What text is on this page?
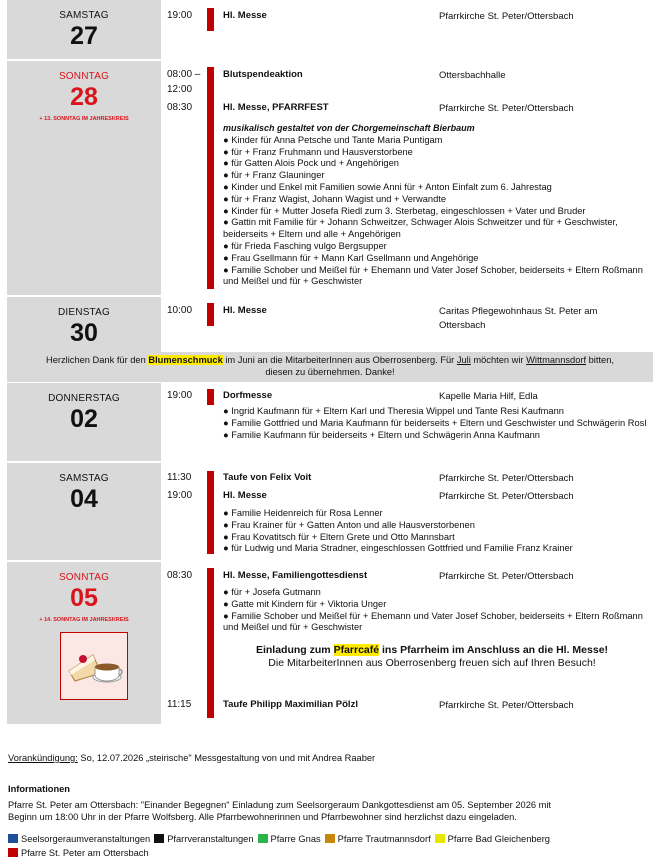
SAMSTAG
27
19:00	Hl. Messe	Pfarrkirche St. Peter/Ottersbach
SONNTAG
28
+ 13. SONNTAG IM JAHRESKREIS
08:00 –	Blutspendeaktion	Ottersbachhalle
12:00
08:30	Hl. Messe, PFARRFEST	Pfarrkirche St. Peter/Ottersbach
musikalisch gestaltet von der Chorgemeinschaft Bierbaum
● Kinder für Anna Petsche und Tante Maria Puntigam
● für + Franz Fruhmann und Hausverstorbene
● für Gatten Alois Pock und + Angehörigen
● für + Franz Glauninger
● Kinder und Enkel mit Familien sowie Anni für + Anton Einfalt zum 6. Jahrestag
● für + Franz Wagist, Johann Wagist und + Verwandte
● Kinder für + Mutter Josefa Riedl zum 3. Sterbetag, eingeschlossen + Vater und Bruder
● Gattin mit Familie für + Johann Schweitzer, Schwager Alois Schweitzer und für + Geschwister, beiderseits + Eltern und alle + Angehörigen
● für Frieda Fasching vulgo Bergsupper
● Frau Gsellmann für + Mann Karl Gsellmann und Angehörige
● Familie Schober und Meißel für + Ehemann und Vater Josef Schober, beiderseits + Eltern Roßmann und Meißel und für + Geschwister
DIENSTAG
30
10:00	Hl. Messe	Caritas Pflegewohnhaus St. Peter am Ottersbach
Herzlichen Dank für den Blumenschmuck im Juni an die MitarbeiterInnen aus Oberrosenberg. Für Juli möchten wir Wittmannsdorf bitten,
diesen zu übernehmen. Danke!
DONNERSTAG
02
19:00	Dorfmesse	Kapelle Maria Hilf, Edla
● Ingrid Kaufmann für + Eltern Karl und Theresia Wippel und Tante Resi Kaufmann
● Familie Gottfried und Maria Kaufmann für beiderseits + Eltern und Geschwister und Schwägerin Rosl
● Familie Kaufmann für beiderseits + Eltern und Schwägerin Anna Kaufmann
SAMSTAG
04
11:30	Taufe von Felix Voit	Pfarrkirche St. Peter/Ottersbach
19:00	Hl. Messe	Pfarrkirche St. Peter/Ottersbach
● Familie Heidenreich für Rosa Lenner
● Frau Krainer für + Gatten Anton und alle Hausverstorbenen
● Frau Kovatitsch für + Eltern Grete und Otto Mannsbart
● für Ludwig und Maria Stradner, eingeschlossen Gottfried und Familie Franz Krainer
SONNTAG
05
+ 14. SONNTAG IM JAHRESKREIS
08:30	Hl. Messe, Familiengottesdienst	Pfarrkirche St. Peter/Ottersbach
● für + Josefa Gutmann
● Gatte mit Kindern für + Viktoria Unger
● Familie Schober und Meißel für + Ehemann und Vater Josef Schober, beiderseits + Eltern Roßmann und Meißel und für + Geschwister
Einladung zum Pfarrcafé ins Pfarrheim im Anschluss an die Hl. Messe!
Die MitarbeiterInnen aus Oberrosenberg freuen sich auf Ihren Besuch!
11:15	Taufe Philipp Maximilian Pölzl	Pfarrkirche St. Peter/Ottersbach
Vorankündigung: So, 12.07.2026 „steirische" Messgestaltung von und mit Andrea Raaber
Informationen
Pfarre St. Peter am Ottersbach: "Einander Begegnen" Einladung zum Seelsorgeraum Dankgottesdienst am 05. September 2026 mit
Beginn um 18:00 Uhr in der Pfarre Wolfsberg. Alle Pfarrbewohnerinnen und Pfarrbewohner sind herzlichst dazu eingeladen.
Seelsorgeraumveranstaltungen Pfarrveranstaltungen Pfarre Gnas Pfarre Trautmannsdorf Pfarre Bad GleichenbergPfarre St. Peter am Ottersbach
